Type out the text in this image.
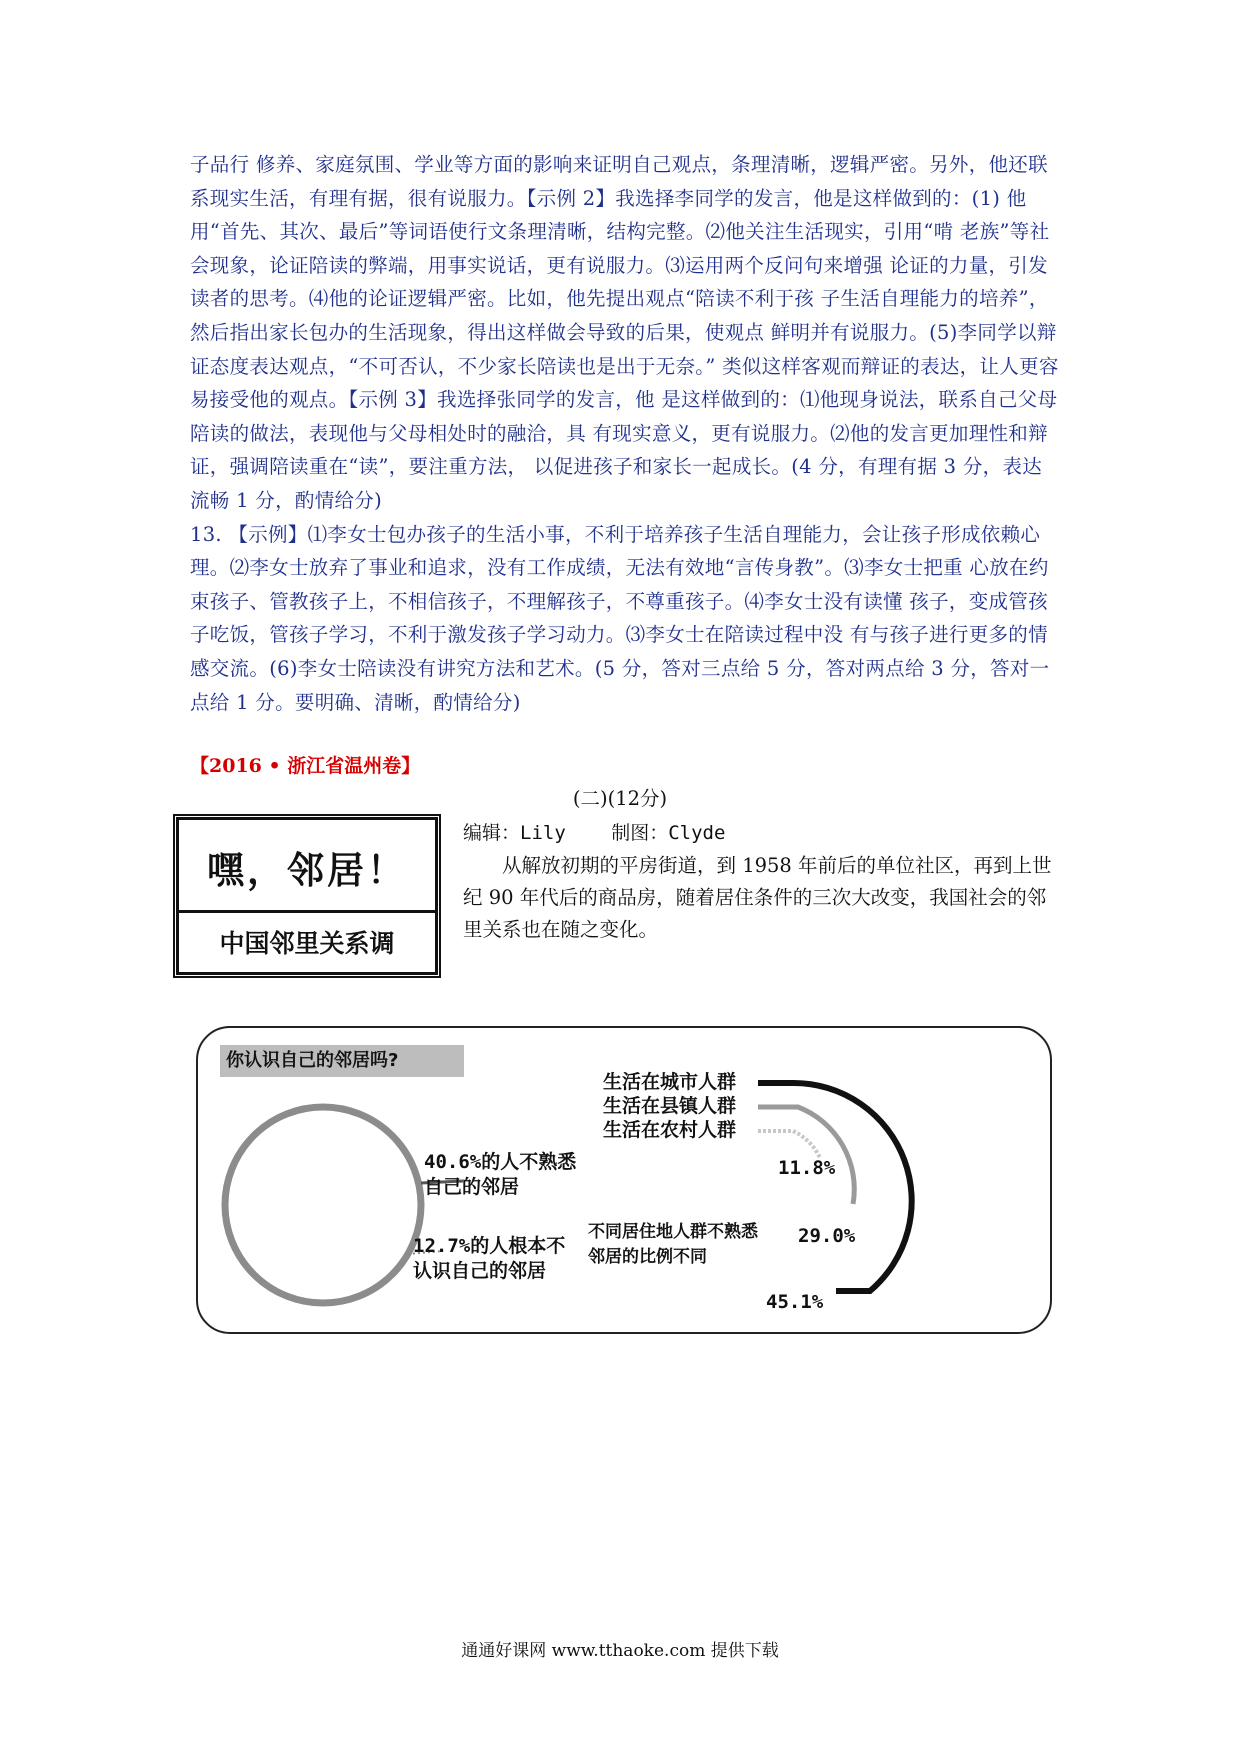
子品行 修养、家庭氛围、学业等方面的影响来证明自己观点，条理清晰，逻辑严密。另外，他还联 系现实生活，有理有据，很有说服力。【示例 2】我选择李同学的发言，他是这样做到的：(1) 他用“首先、其次、最后”等词语使行文条理清晰，结构完整。⑵他关注生活现实，引用“啃 老族”等社会现象，论证陪读的弊端，用事实说话，更有说服力。⑶运用两个反问句来增强 论证的力量，引发读者的思考。⑷他的论证逻辑严密。比如，他先提出观点“陪读不利于孩 子生活自理能力的培养”，然后指出家长包办的生活现象，得出这样做会导致的后果，使观点 鲜明并有说服力。(5)李同学以辩证态度表达观点，“不可否认，不少家长陪读也是出于无奈。” 类似这样客观而辩证的表达，让人更容易接受他的观点。【示例 3】我选择张同学的发言，他 是这样做到的：⑴他现身说法，联系自己父母陪读的做法，表现他与父母相处时的融洽，具 有现实意义，更有说服力。⑵他的发言更加理性和辩证，强调陪读重在“读”，要注重方法， 以促进孩子和家长一起成长。(4 分，有理有据 3 分，表达流畅 1 分，酌情给分)

13. 【示例】⑴李女士包办孩子的生活小事，不利于培养孩子生活自理能力，会让孩子形成依赖心理。⑵李女士放弃了事业和追求，没有工作成绩，无法有效地“言传身教”。⑶李女士把重 心放在约束孩子、管教孩子上，不相信孩子，不理解孩子，不尊重孩子。⑷李女士没有读懂 孩子，变成管孩子吃饭，管孩子学习，不利于激发孩子学习动力。⑶李女士在陪读过程中没 有与孩子进行更多的情感交流。(6)李女士陪读没有讲究方法和艺术。(5 分，答对三点给 5 分，答对两点给 3 分，答对一点给 1 分。要明确、清晰，酌情给分)

【2016 • 浙江省温州卷】
(二)(12分)
编辑：Lily 制图：Clyde
嘿，邻居！
中国邻里关系调
从解放初期的平房街道，到 1958 年前后的单位社区，再到上世纪 90 年代后的商品房，随着居住条件的三次大改变，我国社会的邻里关系也在随之变化。
你认识自己的邻居吗?
40.6%的人不熟悉自己的邻居
12.7%的人根本不认识自己的邻居
生活在城市人群
生活在县镇人群
生活在农村人群
不同居住地人群不熟悉邻居的比例不同
11.8%
29.0%
45.1%
通通好课网 www.tthaoke.com 提供下载
